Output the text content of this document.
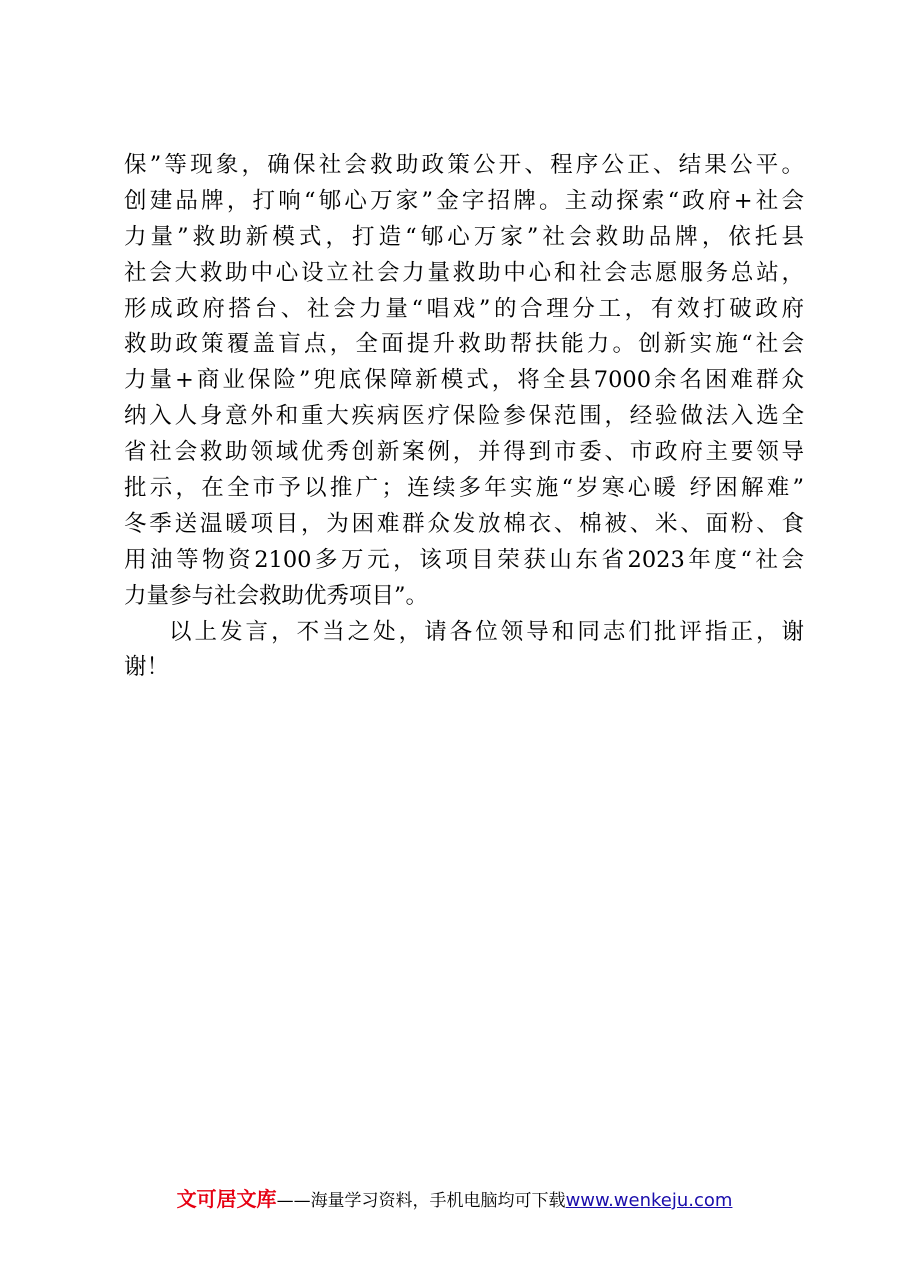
保”等现象，确保社会救助政策公开、程序公正、结果公平。
创建品牌，打响“郇心万家”金字招牌。主动探索“政府+社会
力量”救助新模式，打造“郇心万家”社会救助品牌，依托县
社会大救助中心设立社会力量救助中心和社会志愿服务总站，
形成政府搭台、社会力量“唱戏”的合理分工，有效打破政府
救助政策覆盖盲点，全面提升救助帮扶能力。创新实施“社会
力量+商业保险”兜底保障新模式，将全县7000余名困难群众
纳入人身意外和重大疾病医疗保险参保范围，经验做法入选全
省社会救助领域优秀创新案例，并得到市委、市政府主要领导
批示，在全市予以推广；连续多年实施“岁寒心暖 纾困解难”
冬季送温暖项目，为困难群众发放棉衣、棉被、米、面粉、食
用油等物资2100多万元，该项目荣获山东省2023年度“社会
力量参与社会救助优秀项目”。
以上发言，不当之处，请各位领导和同志们批评指正，谢
谢！
文可居文库——海量学习资料，手机电脑均可下载www.wenkeju.com
